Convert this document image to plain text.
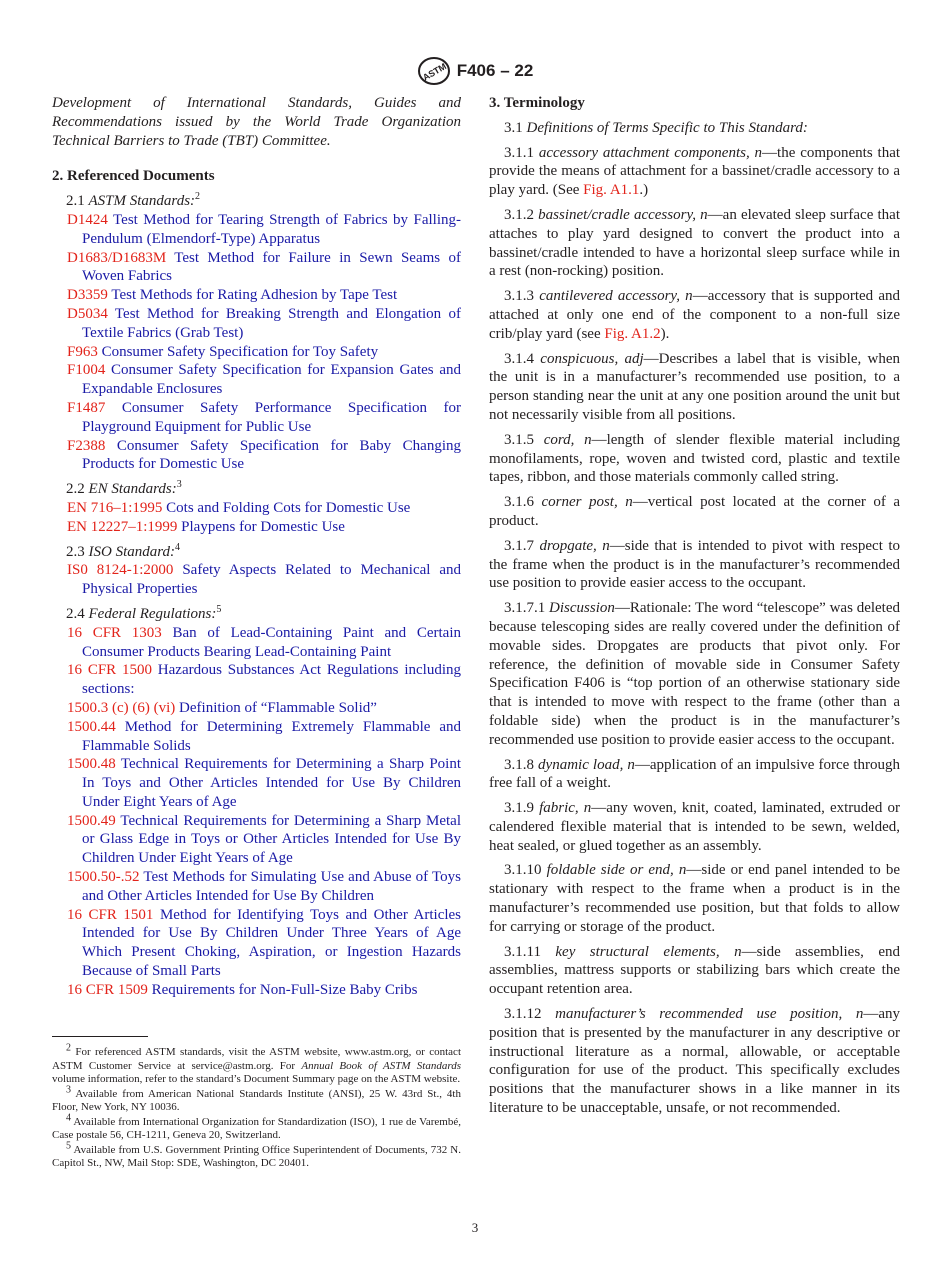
ASTM F406 – 22

Development of International Standards, Guides and Recommendations issued by the World Trade Organization Technical Barriers to Trade (TBT) Committee.

2. Referenced Documents

2.1 ASTM Standards:$^2$

D1424 Test Method for Tearing Strength of Fabrics by Falling-Pendulum (Elmendorf-Type) Apparatus

D1683/D1683M Test Method for Failure in Sewn Seams of Woven Fabrics

D3359 Test Methods for Rating Adhesion by Tape Test

D5034 Test Method for Breaking Strength and Elongation of Textile Fabrics (Grab Test)

F963 Consumer Safety Specification for Toy Safety

F1004 Consumer Safety Specification for Expansion Gates and Expandable Enclosures

F1487 Consumer Safety Performance Specification for Playground Equipment for Public Use

F2388 Consumer Safety Specification for Baby Changing Products for Domestic Use

2.2 EN Standards:$^3$

EN 716–1:1995 Cots and Folding Cots for Domestic Use

EN 12227–1:1999 Playpens for Domestic Use

2.3 ISO Standard:$^4$

IS0 8124-1:2000 Safety Aspects Related to Mechanical and Physical Properties

2.4 Federal Regulations:$^5$

16 CFR 1303 Ban of Lead-Containing Paint and Certain Consumer Products Bearing Lead-Containing Paint

16 CFR 1500 Hazardous Substances Act Regulations including sections:

1500.3 (c) (6) (vi) Definition of “Flammable Solid”

1500.44 Method for Determining Extremely Flammable and Flammable Solids

1500.48 Technical Requirements for Determining a Sharp Point In Toys and Other Articles Intended for Use By Children Under Eight Years of Age

1500.49 Technical Requirements for Determining a Sharp Metal or Glass Edge in Toys or Other Articles Intended for Use By Children Under Eight Years of Age

1500.50-.52 Test Methods for Simulating Use and Abuse of Toys and Other Articles Intended for Use By Children

16 CFR 1501 Method for Identifying Toys and Other Articles Intended for Use By Children Under Three Years of Age Which Present Choking, Aspiration, or Ingestion Hazards Because of Small Parts

16 CFR 1509 Requirements for Non-Full-Size Baby Cribs

2 For referenced ASTM standards, visit the ASTM website, www.astm.org, or contact ASTM Customer Service at service@astm.org. For Annual Book of ASTM Standards volume information, refer to the standard’s Document Summary page on the ASTM website.

3 Available from American National Standards Institute (ANSI), 25 W. 43rd St., 4th Floor, New York, NY 10036.

4 Available from International Organization for Standardization (ISO), 1 rue de Varembé, Case postale 56, CH-1211, Geneva 20, Switzerland.

5 Available from U.S. Government Printing Office Superintendent of Documents, 732 N. Capitol St., NW, Mail Stop: SDE, Washington, DC 20401.

3. Terminology

3.1 Definitions of Terms Specific to This Standard:

3.1.1 accessory attachment components, n—the components that provide the means of attachment for a bassinet/cradle accessory to a play yard. (See Fig. A1.1.)

3.1.2 bassinet/cradle accessory, n—an elevated sleep surface that attaches to play yard designed to convert the product into a bassinet/cradle intended to have a horizontal sleep surface while in a rest (non-rocking) position.

3.1.3 cantilevered accessory, n—accessory that is supported and attached at only one end of the component to a non-full size crib/play yard (see Fig. A1.2).

3.1.4 conspicuous, adj—Describes a label that is visible, when the unit is in a manufacturer’s recommended use position, to a person standing near the unit at any one position around the unit but not necessarily visible from all positions.

3.1.5 cord, n—length of slender flexible material including monofilaments, rope, woven and twisted cord, plastic and textile tapes, ribbon, and those materials commonly called string.

3.1.6 corner post, n—vertical post located at the corner of a product.

3.1.7 dropgate, n—side that is intended to pivot with respect to the frame when the product is in the manufacturer’s recommended use position to provide easier access to the occupant.

3.1.7.1 Discussion—Rationale: The word “telescope” was deleted because telescoping sides are really covered under the definition of movable sides. Dropgates are products that pivot only. For reference, the definition of movable side in Consumer Safety Specification F406 is “top portion of an otherwise stationary side that is intended to move with respect to the frame (other than a foldable side) when the product is in the manufacturer’s recommended use position to provide easier access to the occupant.

3.1.8 dynamic load, n—application of an impulsive force through free fall of a weight.

3.1.9 fabric, n—any woven, knit, coated, laminated, extruded or calendered flexible material that is intended to be sewn, welded, heat sealed, or glued together as an assembly.

3.1.10 foldable side or end, n—side or end panel intended to be stationary with respect to the frame when a product is in the manufacturer’s recommended use position, but that folds to allow for carrying or storage of the product.

3.1.11 key structural elements, n—side assemblies, end assemblies, mattress supports or stabilizing bars which create the occupant retention area.

3.1.12 manufacturer’s recommended use position, n—any position that is presented by the manufacturer in any descriptive or instructional literature as a normal, allowable, or acceptable configuration for use of the product. This specifically excludes positions that the manufacturer shows in a like manner in its literature to be unacceptable, unsafe, or not recommended.

3
